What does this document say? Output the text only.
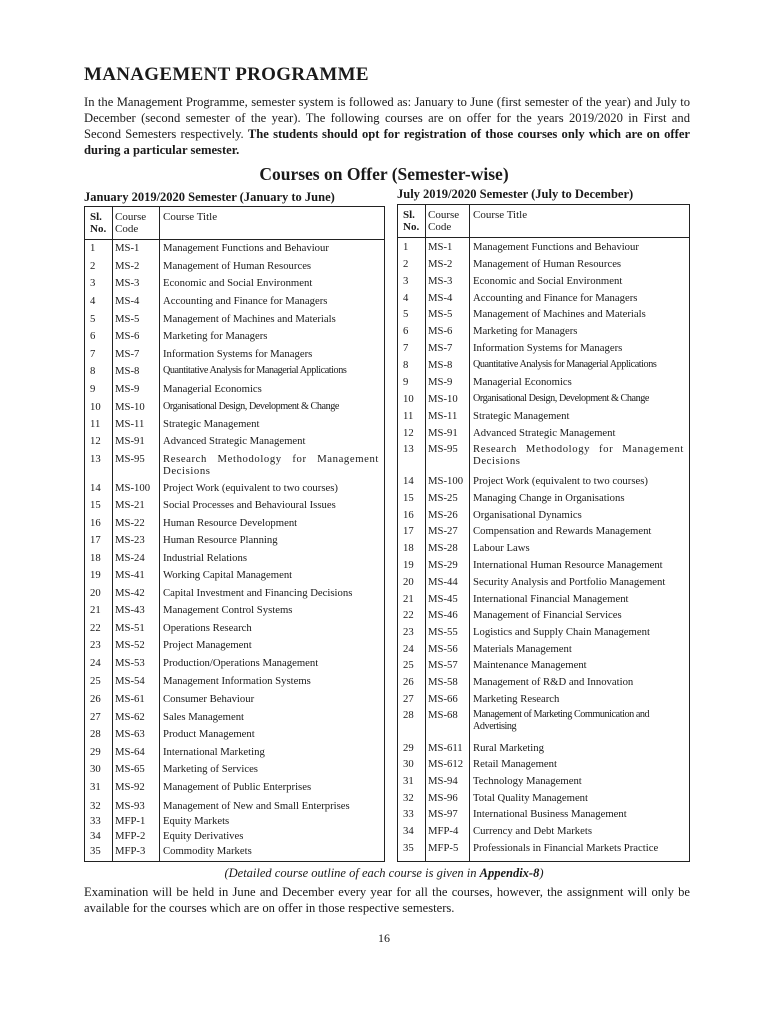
MANAGEMENT PROGRAMME

In the Management Programme, semester system is followed as: January to June (first semester of the year) and July to December (second semester of the year). The following courses are on offer for the years 2019/2020 in First and Second Semesters respectively. The students should opt for registration of those courses only which are on offer during a particular semester.

Courses on Offer (Semester-wise)
January 2019/2020 Semester (January to June)	July 2019/2020 Semester (July to December)
Sl.
No.
Course
Code
Course Title
1 MS-1 Management Functions and Behaviour
2 MS-2 Management of Human Resources
3 MS-3 Economic and Social Environment
4 MS-4 Accounting and Finance for Managers
5 MS-5 Management of Machines and Materials
6 MS-6 Marketing for Managers
7 MS-7 Information Systems for Managers
8 MS-8 Quantitative Analysis for Managerial Applications
9 MS-9 Managerial Economics
10 MS-10 Organisational Design, Development & Change
11 MS-11 Strategic Management
12 MS-91 Advanced Strategic Management
13 MS-95 Research Methodology for Management Decisions
14 MS-100 Project Work (equivalent to two courses)
15 MS-21 Social Processes and Behavioural Issues
16 MS-22 Human Resource Development
17 MS-23 Human Resource Planning
18 MS-24 Industrial Relations
19 MS-41 Working Capital Management
20 MS-42 Capital Investment and Financing Decisions
21 MS-43 Management Control Systems
22 MS-51 Operations Research
23 MS-52 Project Management
24 MS-53 Production/Operations Management
25 MS-54 Management Information Systems
26 MS-61 Consumer Behaviour
27 MS-62 Sales Management
28 MS-63 Product Management
29 MS-64 International Marketing
30 MS-65 Marketing of Services
31 MS-92 Management of Public Enterprises
32 MS-93 Management of New and Small Enterprises
33 MFP-1 Equity Markets
34 MFP-2 Equity Derivatives
35 MFP-3 Commodity Markets
Sl.
No.
Course
Code
Course Title
1 MS-1 Management Functions and Behaviour
2 MS-2 Management of Human Resources
3 MS-3 Economic and Social Environment
4 MS-4 Accounting and Finance for Managers
5 MS-5 Management of Machines and Materials
6 MS-6 Marketing for Managers
7 MS-7 Information Systems for Managers
8 MS-8 Quantitative Analysis for Managerial Applications
9 MS-9 Managerial Economics
10 MS-10 Organisational Design, Development & Change
11 MS-11 Strategic Management
12 MS-91 Advanced Strategic Management
13 MS-95 Research Methodology for Management Decisions
14 MS-100 Project Work (equivalent to two courses)
15 MS-25 Managing Change in Organisations
16 MS-26 Organisational Dynamics
17 MS-27 Compensation and Rewards Management
18 MS-28 Labour Laws
19 MS-29 International Human Resource Management
20 MS-44 Security Analysis and Portfolio Management
21 MS-45 International Financial Management
22 MS-46 Management of Financial Services
23 MS-55 Logistics and Supply Chain Management
24 MS-56 Materials Management
25 MS-57 Maintenance Management
26 MS-58 Management of R&D and Innovation
27 MS-66 Marketing Research
28 MS-68 Management of Marketing Communication and Advertising
29 MS-611 Rural Marketing
30 MS-612 Retail Management
31 MS-94 Technology Management
32 MS-96 Total Quality Management
33 MS-97 International Business Management
34 MFP-4 Currency and Debt Markets
35 MFP-5 Professionals in Financial Markets Practice

(Detailed course outline of each course is given in Appendix-8)

Examination will be held in June and December every year for all the courses, however, the assignment will only be available for the courses which are on offer in those respective semesters.

16
